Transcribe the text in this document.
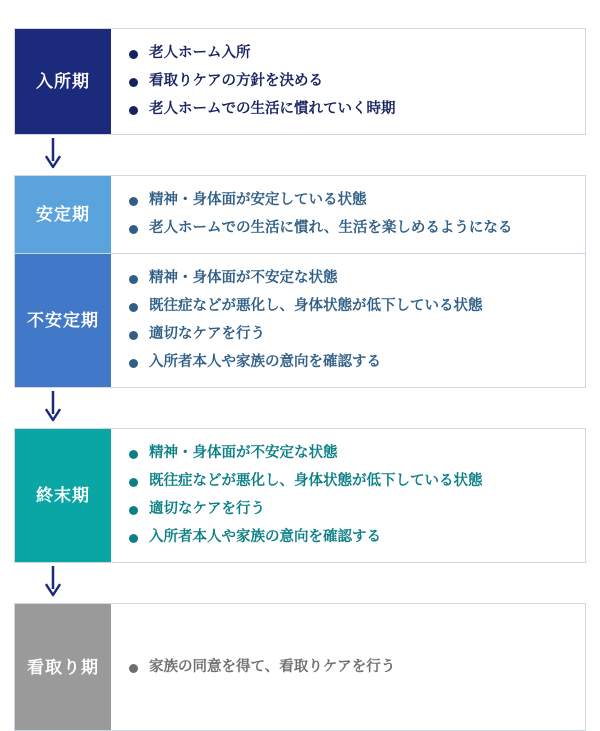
入所期
老人ホーム入所
看取りケアの方針を決める
老人ホームでの生活に慣れていく時期
安定期
精神・身体面が安定している状態
老人ホームでの生活に慣れ、生活を楽しめるようになる
不安定期
精神・身体面が不安定な状態
既往症などが悪化し、身体状態が低下している状態
適切なケアを行う
入所者本人や家族の意向を確認する
終末期
精神・身体面が不安定な状態
既往症などが悪化し、身体状態が低下している状態
適切なケアを行う
入所者本人や家族の意向を確認する
看取り期	家族の同意を得て、看取りケアを行う
